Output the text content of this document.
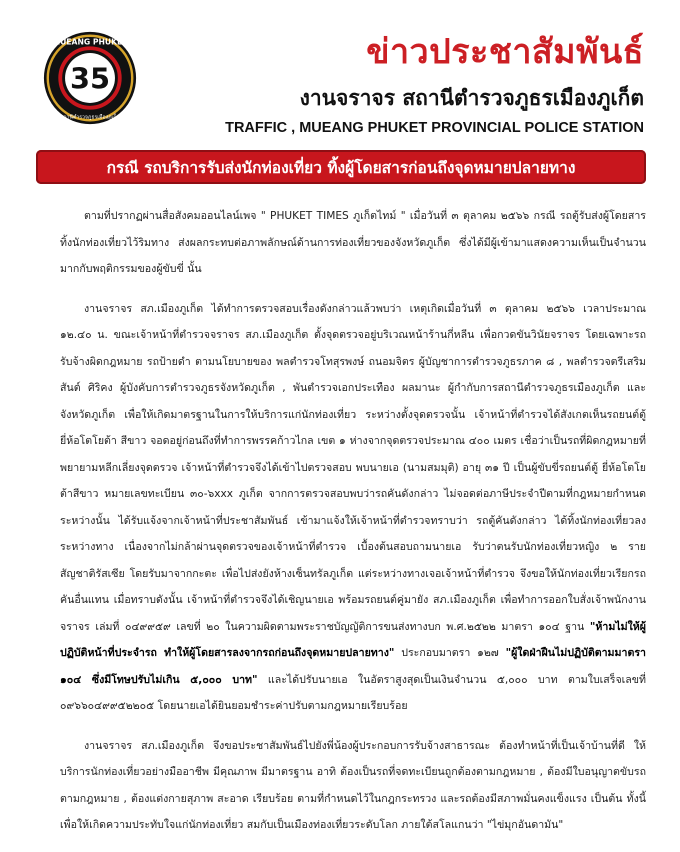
35
MUEANG PHUKET
สถานีตำรวจภูธรเมืองภูเก็ต
ข่าวประชาสัมพันธ์
งานจราจร สถานีตำรวจภูธรเมืองภูเก็ต
TRAFFIC , MUEANG PHUKET PROVINCIAL POLICE STATION
กรณี รถบริการรับส่งนักท่องเที่ยว ทิ้งผู้โดยสารก่อนถึงจุดหมายปลายทาง

ตามที่ปรากฏผ่านสื่อสังคมออนไลน์เพจ " PHUKET TIMES ภูเก็ตไทม์ " เมื่อวันที่ ๓ ตุลาคม ๒๕๖๖ กรณี รถตู้รับส่งผู้โดยสารทิ้งนักท่องเที่ยวไว้ริมทาง ส่งผลกระทบต่อภาพลักษณ์ด้านการท่องเที่ยวของจังหวัดภูเก็ต ซึ่งได้มีผู้เข้ามาแสดงความเห็นเป็นจำนวนมากกับพฤติกรรมของผู้ขับขี่ นั้น

งานจราจร สภ.เมืองภูเก็ต ได้ทำการตรวจสอบเรื่องดังกล่าวแล้วพบว่า เหตุเกิดเมื่อวันที่ ๓ ตุลาคม ๒๕๖๖ เวลาประมาณ ๑๒.๔๐ น. ขณะเจ้าหน้าที่ตำรวจจราจร สภ.เมืองภูเก็ต ตั้งจุดตรวจอยู่บริเวณหน้าร้านกี่หลีน เพื่อกวดขันวินัยจราจร โดยเฉพาะรถรับจ้างผิดกฎหมาย รถป้ายดำ ตามนโยบายของ พลตำรวจโทสุรพงษ์ ถนอมจิตร ผู้บัญชาการตำรวจภูธรภาค ๘ , พลตำรวจตรีเสริมสันต์ ศิริคง ผู้บังคับการตำรวจภูธรจังหวัดภูเก็ต , พันตำรวจเอกประเทือง ผลมานะ ผู้กำกับการสถานีตำรวจภูธรเมืองภูเก็ต และจังหวัดภูเก็ต เพื่อให้เกิดมาตรฐานในการให้บริการแก่นักท่องเที่ยว ระหว่างตั้งจุดตรวจนั้น เจ้าหน้าที่ตำรวจได้สังเกตเห็นรถยนต์ตู้ ยี่ห้อโตโยต้า สีขาว จอดอยู่ก่อนถึงที่ทำการพรรคก้าวไกล เขต ๑ ห่างจากจุดตรวจประมาณ ๔๐๐ เมตร เชื่อว่าเป็นรถที่ผิดกฎหมายที่พยายามหลีกเลี่ยงจุดตรวจ เจ้าหน้าที่ตำรวจจึงได้เข้าไปตรวจสอบ พบนายเอ (นามสมมุติ) อายุ ๓๑ ปี เป็นผู้ขับขี่รถยนต์ตู้ ยี่ห้อโตโยต้าสีขาว หมายเลขทะเบียน ๓๐-๖xxx ภูเก็ต จากการตรวจสอบพบว่ารถคันดังกล่าว ไม่จอดต่อภาษีประจำปีตามที่กฎหมายกำหนด ระหว่างนั้น ได้รับแจ้งจากเจ้าหน้าที่ประชาสัมพันธ์ เข้ามาแจ้งให้เจ้าหน้าที่ตำรวจทราบว่า รถตู้คันดังกล่าว ได้ทิ้งนักท่องเที่ยวลงระหว่างทาง เนื่องจากไม่กล้าผ่านจุดตรวจของเจ้าหน้าที่ตำรวจ เบื้องต้นสอบถามนายเอ รับว่าตนรับนักท่องเที่ยวหญิง ๒ ราย สัญชาติรัสเซีย โดยรับมาจากกะตะ เพื่อไปส่งยังห้างเซ็นทรัลภูเก็ต แต่ระหว่างทางเจอเจ้าหน้าที่ตำรวจ จึงขอให้นักท่องเที่ยวเรียกรถคันอื่นแทน เมื่อทราบดังนั้น เจ้าหน้าที่ตำรวจจึงได้เชิญนายเอ พร้อมรถยนต์คู่มายัง สภ.เมืองภูเก็ต เพื่อทำการออกใบสั่งเจ้าพนักงานจราจร เล่มที่ ๐๔๙๙๕๙ เลขที่ ๒๐ ในความผิดตามพระราชบัญญัติการขนส่งทางบก พ.ศ.๒๕๒๒ มาตรา ๑๐๔ ฐาน "ห้ามไม่ให้ผู้ปฏิบัติหน้าที่ประจำรถ ทำให้ผู้โดยสารลงจากรถก่อนถึงจุดหมายปลายทาง" ประกอบมาตรา ๑๒๗ "ผู้ใดฝ่าฝืนไม่ปฏิบัติตามมาตรา ๑๐๔ ซึ่งมีโทษปรับไม่เกิน ๕,๐๐๐ บาท" และได้ปรับนายเอ ในอัตราสูงสุดเป็นเงินจำนวน ๕,๐๐๐ บาท ตามใบเสร็จเลขที่ ๐๙๖๖๐๔๙๙๕๒๒๐๕ โดยนายเอได้ยินยอมชำระค่าปรับตามกฎหมายเรียบร้อย

งานจราจร สภ.เมืองภูเก็ต จึงขอประชาสัมพันธ์ไปยังพี่น้องผู้ประกอบการรับจ้างสาธารณะ ต้องทำหน้าที่เป็นเจ้าบ้านที่ดี ให้บริการนักท่องเที่ยวอย่างมืออาชีพ มีคุณภาพ มีมาตรฐาน อาทิ ต้องเป็นรถที่จดทะเบียนถูกต้องตามกฎหมาย , ต้องมีใบอนุญาตขับรถตามกฎหมาย , ต้องแต่งกายสุภาพ สะอาด เรียบร้อย ตามที่กำหนดไว้ในกฎกระทรวง และรถต้องมีสภาพมั่นคงแข็งแรง เป็นต้น ทั้งนี้ เพื่อให้เกิดความประทับใจแก่นักท่องเที่ยว สมกับเป็นเมืองท่องเที่ยวระดับโลก ภายใต้สโลแกนว่า "ไข่มุกอันดามัน"
